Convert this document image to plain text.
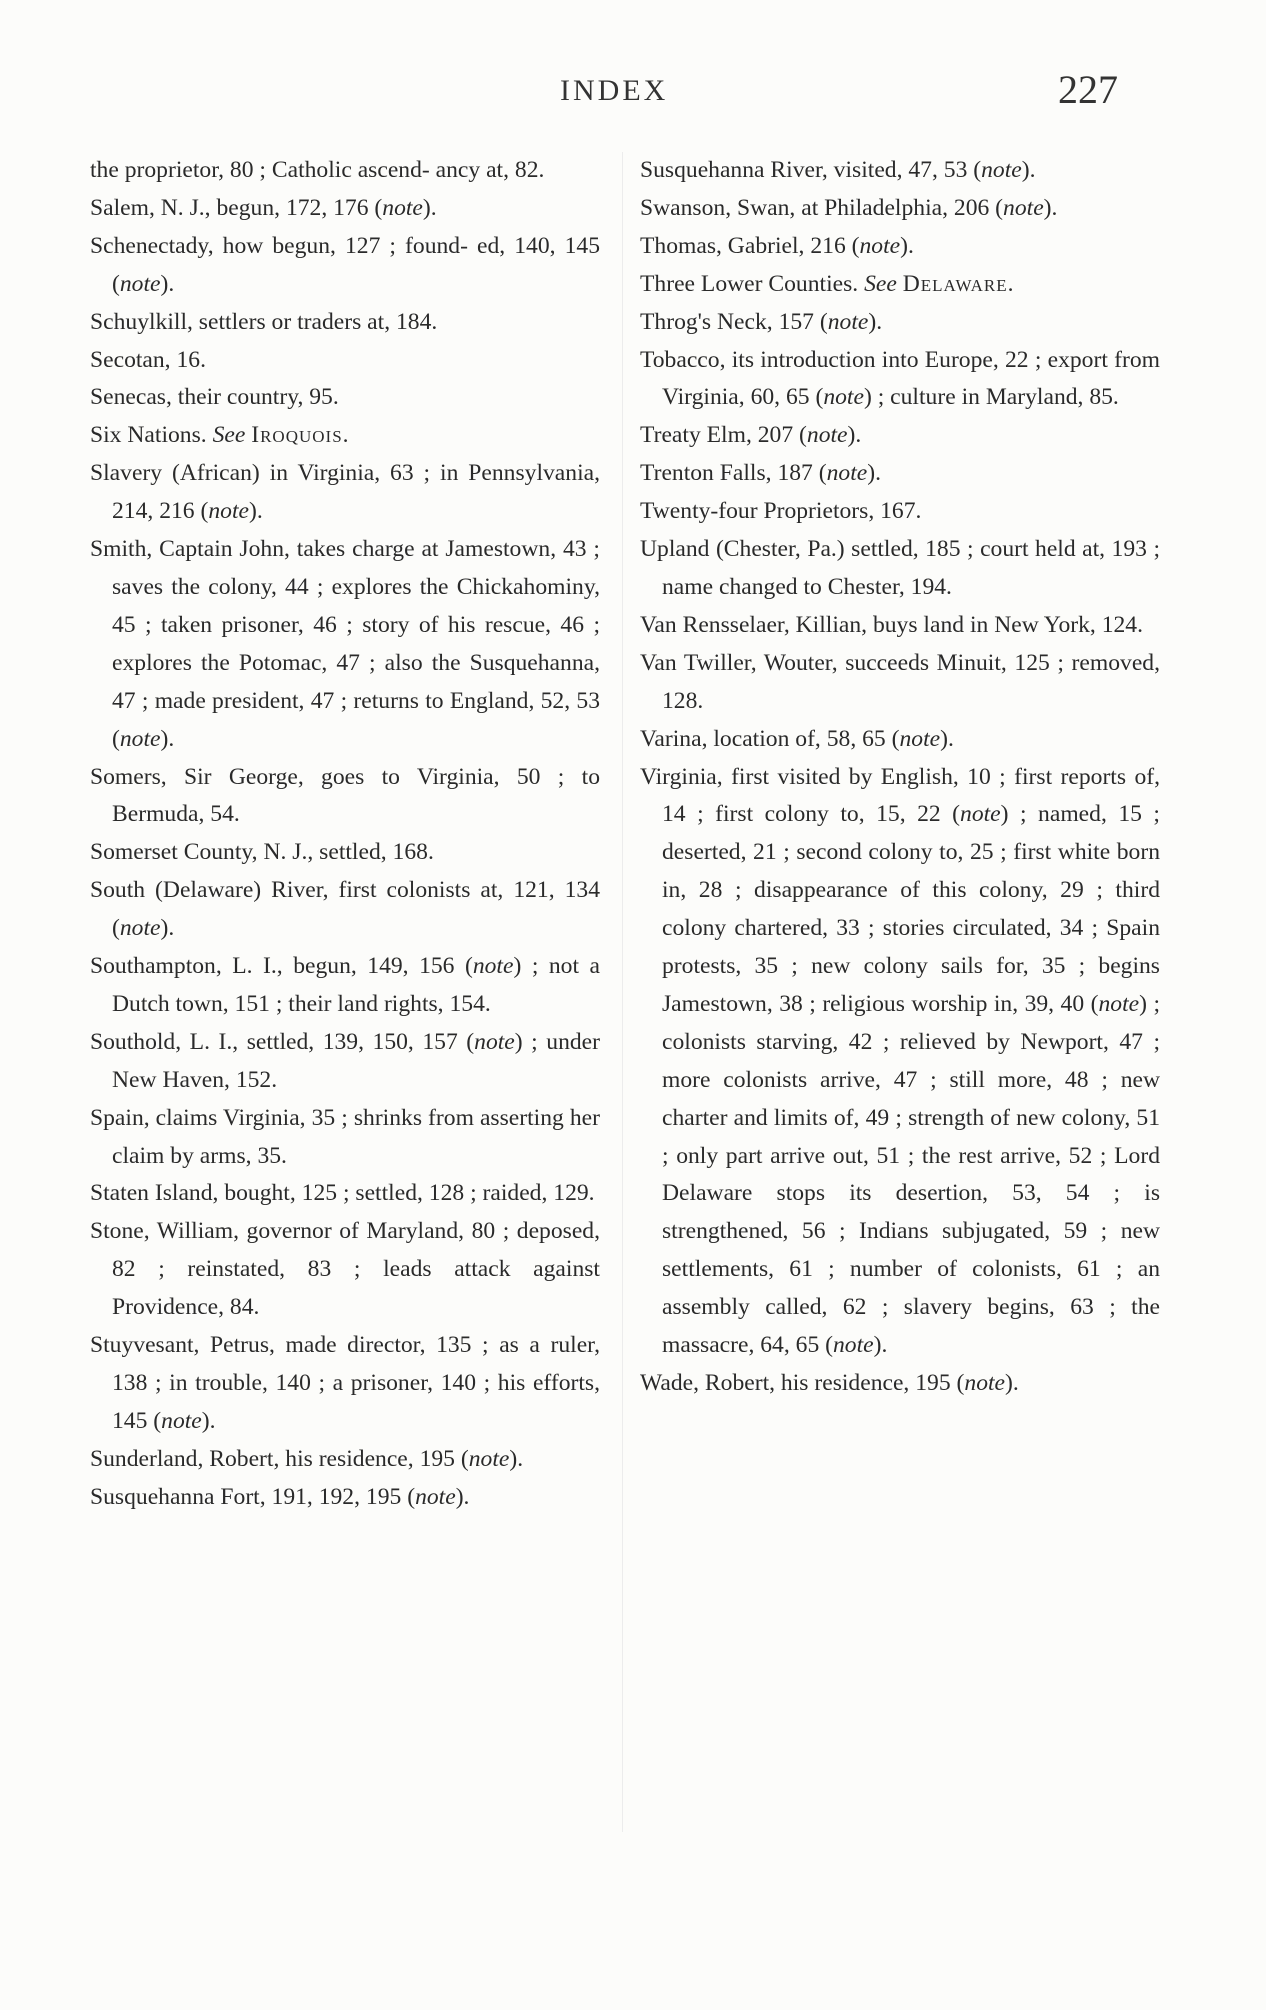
INDEX	227

the proprietor, 80 ; Catholic ascend- ancy at, 82.

Salem, N. J., begun, 172, 176 (note).

Schenectady, how begun, 127 ; found- ed, 140, 145 (note).

Schuylkill, settlers or traders at, 184.

Secotan, 16.

Senecas, their country, 95.

Six Nations. See Iroquois.

Slavery (African) in Virginia, 63 ; in Pennsylvania, 214, 216 (note).

Smith, Captain John, takes charge at Jamestown, 43 ; saves the colony, 44 ; explores the Chickahominy, 45 ; taken prisoner, 46 ; story of his rescue, 46 ; explores the Potomac, 47 ; also the Susquehanna, 47 ; made president, 47 ; returns to England, 52, 53 (note).

Somers, Sir George, goes to Virginia, 50 ; to Bermuda, 54.

Somerset County, N. J., settled, 168.

South (Delaware) River, first colonists at, 121, 134 (note).

Southampton, L. I., begun, 149, 156 (note) ; not a Dutch town, 151 ; their land rights, 154.

Southold, L. I., settled, 139, 150, 157 (note) ; under New Haven, 152.

Spain, claims Virginia, 35 ; shrinks from asserting her claim by arms, 35.

Staten Island, bought, 125 ; settled, 128 ; raided, 129.

Stone, William, governor of Maryland, 80 ; deposed, 82 ; reinstated, 83 ; leads attack against Providence, 84.

Stuyvesant, Petrus, made director, 135 ; as a ruler, 138 ; in trouble, 140 ; a prisoner, 140 ; his efforts, 145 (note).

Sunderland, Robert, his residence, 195 (note).

Susquehanna Fort, 191, 192, 195 (note).

Susquehanna River, visited, 47, 53 (note).

Swanson, Swan, at Philadelphia, 206 (note).

Thomas, Gabriel, 216 (note).

Three Lower Counties. See Delaware.

Throg's Neck, 157 (note).

Tobacco, its introduction into Europe, 22 ; export from Virginia, 60, 65 (note) ; culture in Maryland, 85.

Treaty Elm, 207 (note).

Trenton Falls, 187 (note).

Twenty-four Proprietors, 167.

Upland (Chester, Pa.) settled, 185 ; court held at, 193 ; name changed to Chester, 194.

Van Rensselaer, Killian, buys land in New York, 124.

Van Twiller, Wouter, succeeds Minuit, 125 ; removed, 128.

Varina, location of, 58, 65 (note).

Virginia, first visited by English, 10 ; first reports of, 14 ; first colony to, 15, 22 (note) ; named, 15 ; deserted, 21 ; second colony to, 25 ; first white born in, 28 ; disappearance of this colony, 29 ; third colony chartered, 33 ; stories circulated, 34 ; Spain protests, 35 ; new colony sails for, 35 ; begins Jamestown, 38 ; religious worship in, 39, 40 (note) ; colonists starving, 42 ; relieved by Newport, 47 ; more colonists arrive, 47 ; still more, 48 ; new charter and limits of, 49 ; strength of new colony, 51 ; only part arrive out, 51 ; the rest arrive, 52 ; Lord Delaware stops its desertion, 53, 54 ; is strengthened, 56 ; Indians subjugated, 59 ; new settlements, 61 ; number of colonists, 61 ; an assembly called, 62 ; slavery begins, 63 ; the massacre, 64, 65 (note).

Wade, Robert, his residence, 195 (note).
